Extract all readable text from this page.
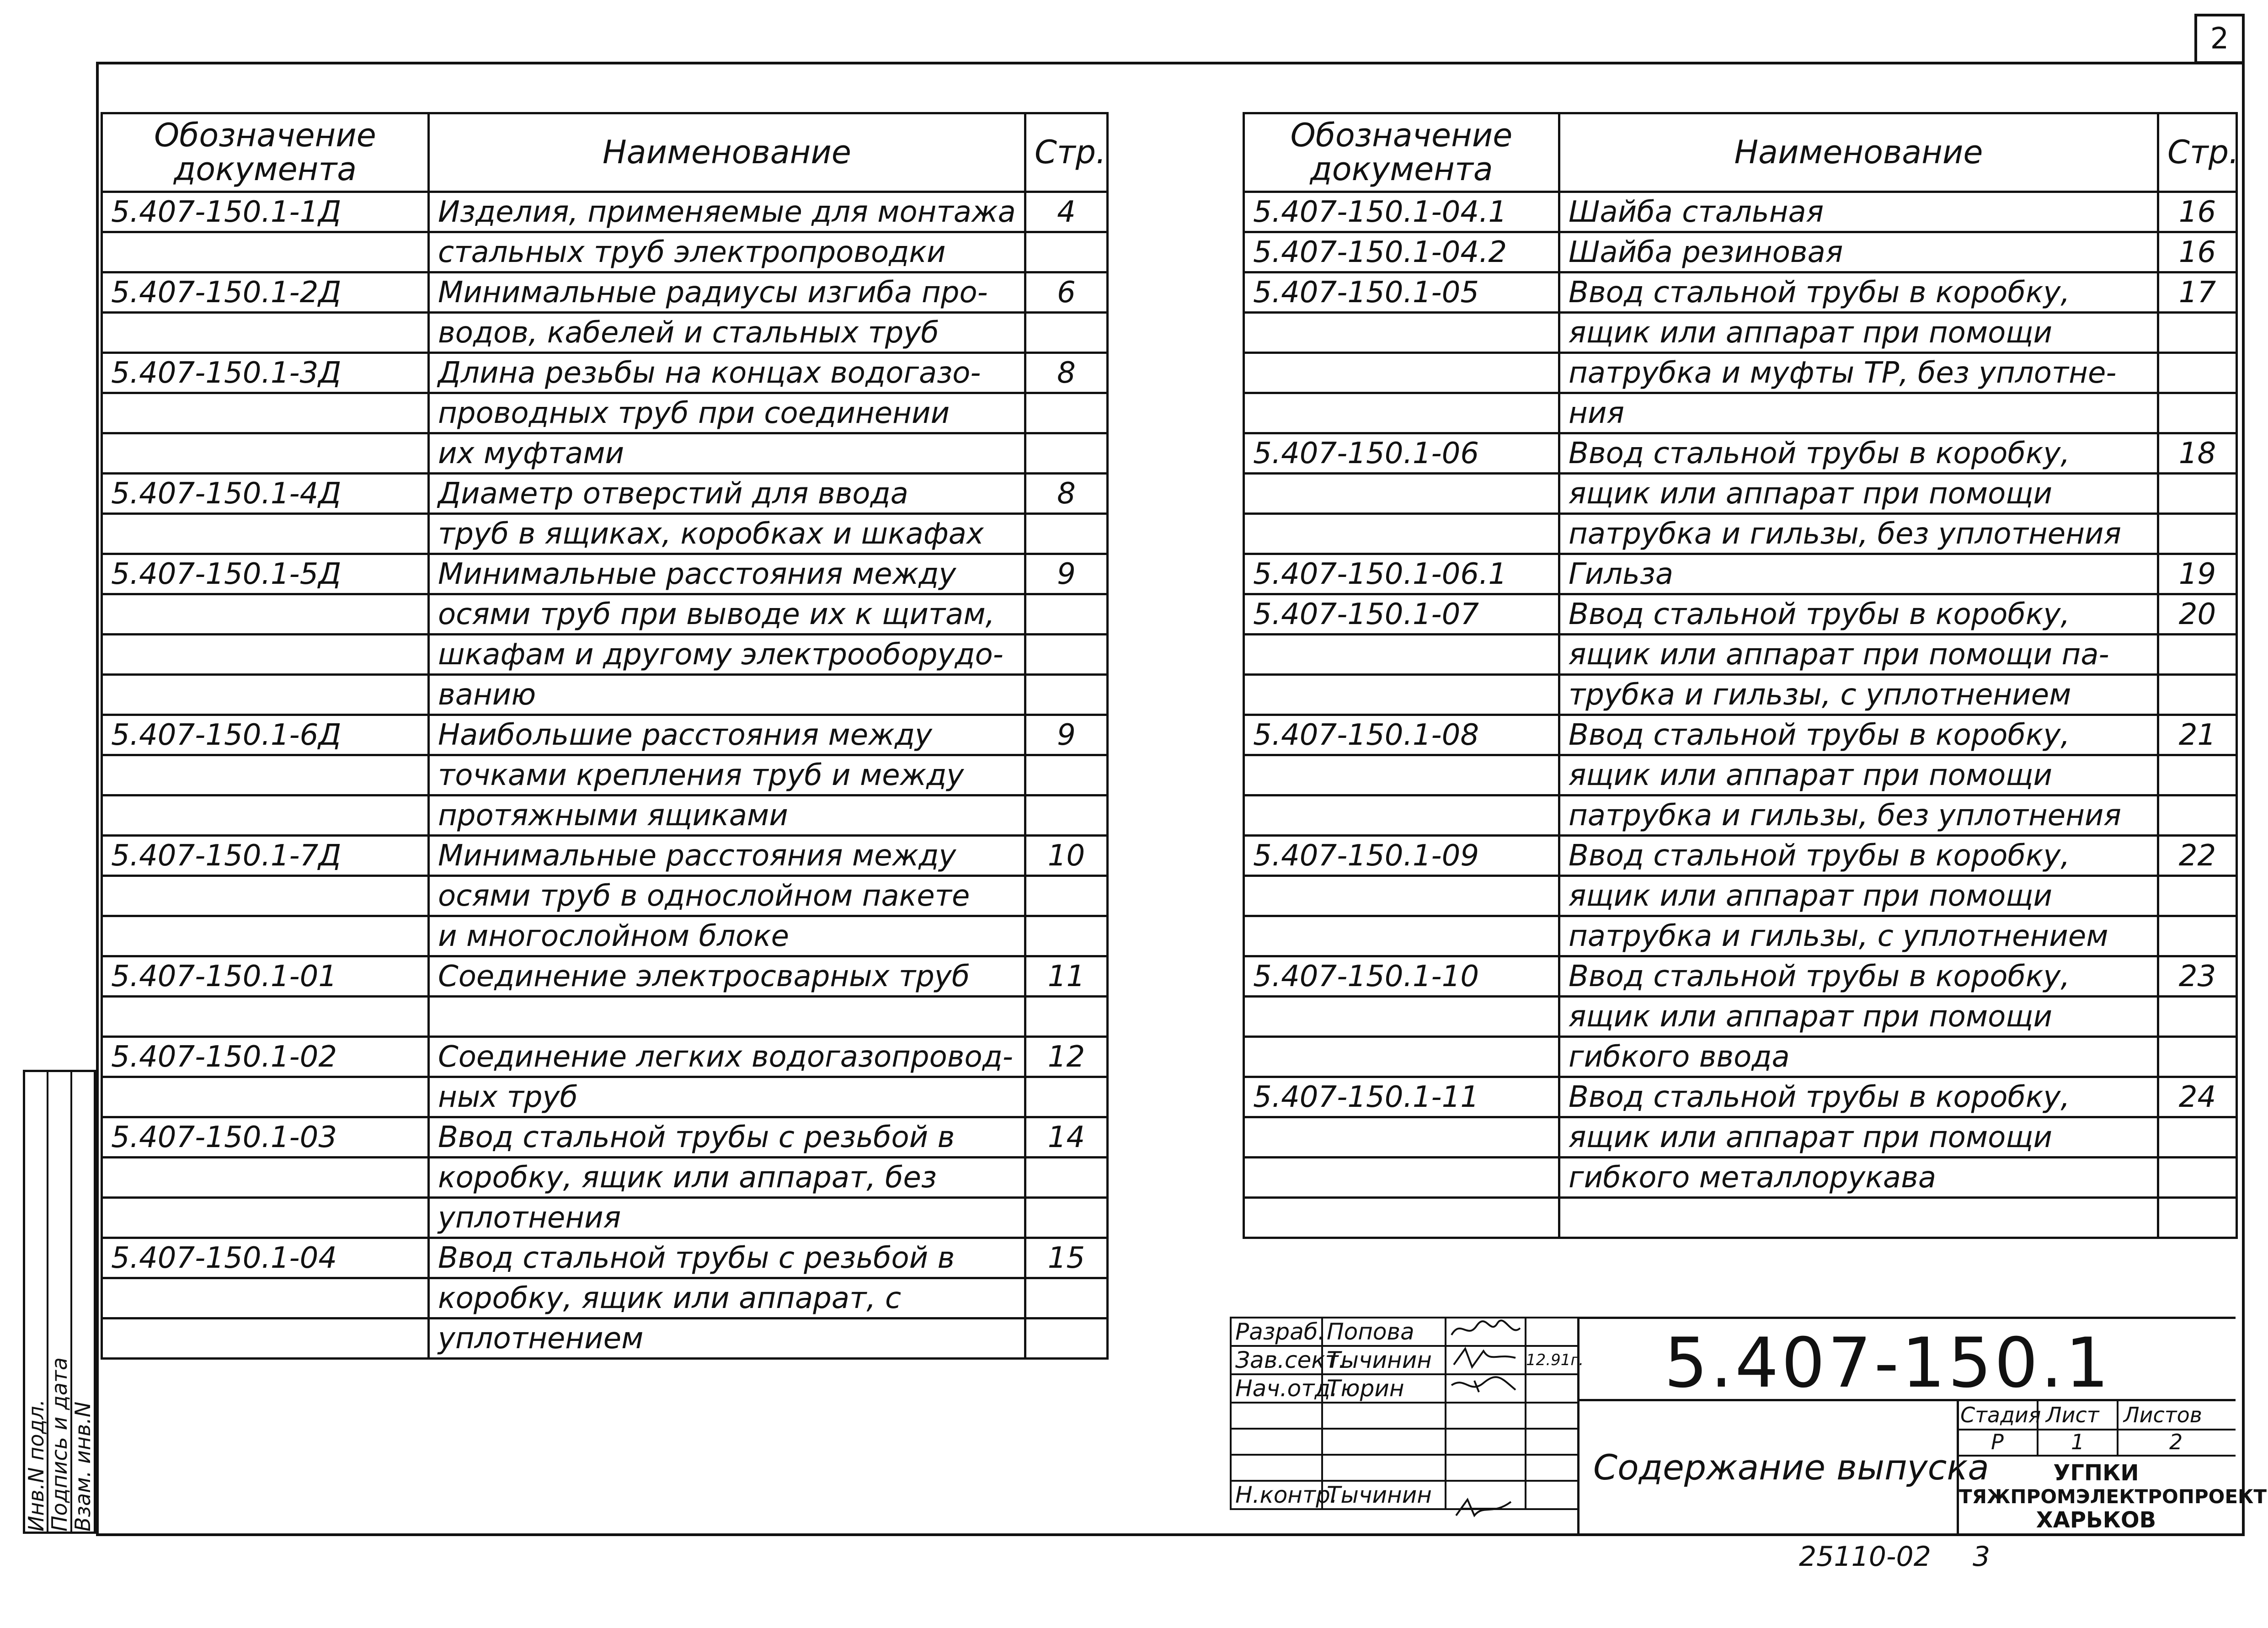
2
Обозначение документа	Наименование	Стр.
5.407-150.1-1Д	Изделия, применяемые для монтажа	4
	стальных труб электропроводки	
5.407-150.1-2Д	Минимальные радиусы изгиба про-	6
	водов, кабелей и стальных труб	
5.407-150.1-3Д	Длина резьбы на концах водогазо-	8
	проводных труб при соединении	
	их муфтами	
5.407-150.1-4Д	Диаметр отверстий для ввода	8
	труб в ящиках, коробках и шкафах	
5.407-150.1-5Д	Минимальные расстояния между	9
	осями труб при выводе их к щитам,	
	шкафам и другому электрооборудо-	
	ванию	
5.407-150.1-6Д	Наибольшие расстояния между	9
	точками крепления труб и между	
	протяжными ящиками	
5.407-150.1-7Д	Минимальные расстояния между	10
	осями труб в однослойном пакете	
	и многослойном блоке	
5.407-150.1-01	Соединение электросварных труб	11

5.407-150.1-02	Соединение легких водогазопровод-	12
	ных труб	
5.407-150.1-03	Ввод стальной трубы с резьбой в	14
	коробку, ящик или аппарат, без	
	уплотнения	
5.407-150.1-04	Ввод стальной трубы с резьбой в	15
	коробку, ящик или аппарат, с	
	уплотнением	
Обозначение документа	Наименование	Стр.
5.407-150.1-04.1	Шайба стальная	16
5.407-150.1-04.2	Шайба резиновая	16
5.407-150.1-05	Ввод стальной трубы в коробку,	17
	ящик или аппарат при помощи	
	патрубка и муфты ТР, без уплотне-	
	ния	
5.407-150.1-06	Ввод стальной трубы в коробку,	18
	ящик или аппарат при помощи	
	патрубка и гильзы, без уплотнения	
5.407-150.1-06.1	Гильза	19
5.407-150.1-07	Ввод стальной трубы в коробку,	20
	ящик или аппарат при помощи па-	
	трубка и гильзы, с уплотнением	
5.407-150.1-08	Ввод стальной трубы в коробку,	21
	ящик или аппарат при помощи	
	патрубка и гильзы, без уплотнения	
5.407-150.1-09	Ввод стальной трубы в коробку,	22
	ящик или аппарат при помощи	
	патрубка и гильзы, с уплотнением	
5.407-150.1-10	Ввод стальной трубы в коробку,	23
	ящик или аппарат при помощи	
	гибкого ввода	
5.407-150.1-11	Ввод стальной трубы в коробку,	24
	ящик или аппарат при помощи	
	гибкого металлорукава	

Инв.N подл.
Подпись и дата
Взам. инв.N
Разраб.	Попова		
Зав.сект.	Тычинин		
Нач.отд.	Тюрин		

Н.контр.	Тычинин		
12.91г. 5.407-150.1
Содержание выпуска
Стадия Лист Листов
Р	1	2
УГПКИ
ТЯЖПРОМЭЛЕКТРОПРОЕКТ
ХАРЬКОВ
25110-02 3
